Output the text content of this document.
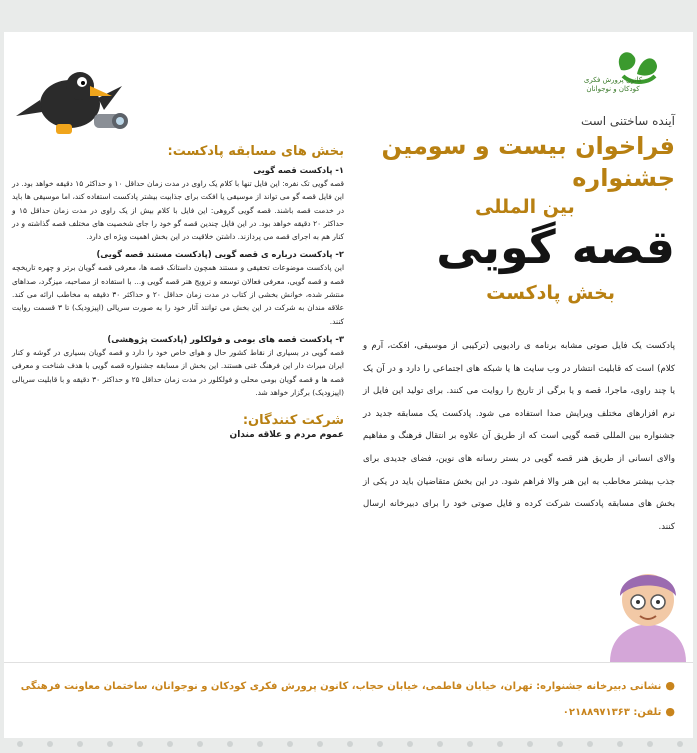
کانون پرورش فکری کودکان و نوجوانان
آینده ساختنی است
فراخوان بیست و سومین
جشنواره
بین المللی
قصه گویی
بخش پادکست
پادکست یک فایل صوتی مشابه برنامه ی رادیویی (ترکیبی از موسیقی، افکت، آرم و کلام) است که قابلیت انتشار در وب سایت ها یا شبکه های اجتماعی را دارد و در آن یک یا چند راوی، ماجرا، قصه و یا برگی از تاریخ را روایت می کنند. برای تولید این فایل از نرم افزارهای مختلف ویرایش صدا استفاده می شود. پادکست یک مسابقه جدید در جشنواره بین المللی قصه گویی است که از طریق آن علاوه بر انتقال فرهنگ و مفاهیم والای انسانی از طریق هنر قصه گویی در بستر رسانه های نوین، فضای جدیدی برای جذب بیشتر مخاطب به این هنر والا فراهم شود. در این بخش متقاضیان باید در یکی از بخش های مسابقه پادکست شرکت کرده و فایل صوتی خود را برای دبیرخانه ارسال کنند.
بخش های مسابقه پادکست:
۱- پادکست قصه گویی

قصه گویی تک نفره: این فایل تنها با کلام یک راوی در مدت زمان حداقل ۱۰ و حداکثر ۱۵ دقیقه خواهد بود. در این فایل قصه گو می تواند از موسیقی یا افکت برای جذابیت بیشتر پادکست استفاده کند، اما موسیقی ها باید در خدمت قصه باشند. قصه گویی گروهی: این فایل با کلام بیش از یک راوی در مدت زمان حداقل ۱۵ و حداکثر ۲۰ دقیقه خواهد بود. در این فایل چندین قصه گو خود را جای شخصیت های مختلف قصه گذاشته و در کنار هم به اجرای قصه می پردازند. داشتن خلاقیت در این بخش اهمیت ویژه ای دارد.

۲- پادکست درباره ی قصه گویی (پادکست مستند قصه گویی)

این پادکست موضوعات تحقیقی و مستند همچون داستانک قصه ها، معرفی قصه گویان برتر و چهره تاریخچه قصه و قصه گویی، معرفی فعالان توسعه و ترویج هنر قصه گویی و... با استفاده از مصاحبه، میزگرد، صداهای منتشر شده، خوانش بخشی از کتاب در مدت زمان حداقل ۲۰ و حداکثر ۳۰ دقیقه به مخاطب ارائه می کند. علاقه مندان به شرکت در این بخش می توانند آثار خود را به صورت سریالی (اپیزودیک) تا ۳ قسمت روایت کنند.

۳- پادکست قصه های بومی و فولکلور (پادکست پژوهشی)

قصه گویی در بسیاری از نقاط کشور حال و هوای خاص خود را دارد و قصه گویان بسیاری در گوشه و کنار ایران میراث دار این فرهنگ غنی هستند. این بخش از مسابقه جشنواره قصه گویی با هدف شناخت و معرفی قصه ها و قصه گویان بومی محلی و فولکلور در مدت زمان حداقل ۲۵ و حداکثر ۳۰ دقیقه و با قابلیت سریالی (اپیزودیک) برگزار خواهد شد.

شرکت کنندگان:
عموم مردم و علاقه مندان
●نشانی دبیرخانه جشنواره: تهران، خیابان فاطمی، خیابان حجاب، کانون پرورش فکری کودکان و نوجوانان، ساختمان معاونت فرهنگی
●تلفن: ۰۲۱۸۸۹۷۱۳۶۳
